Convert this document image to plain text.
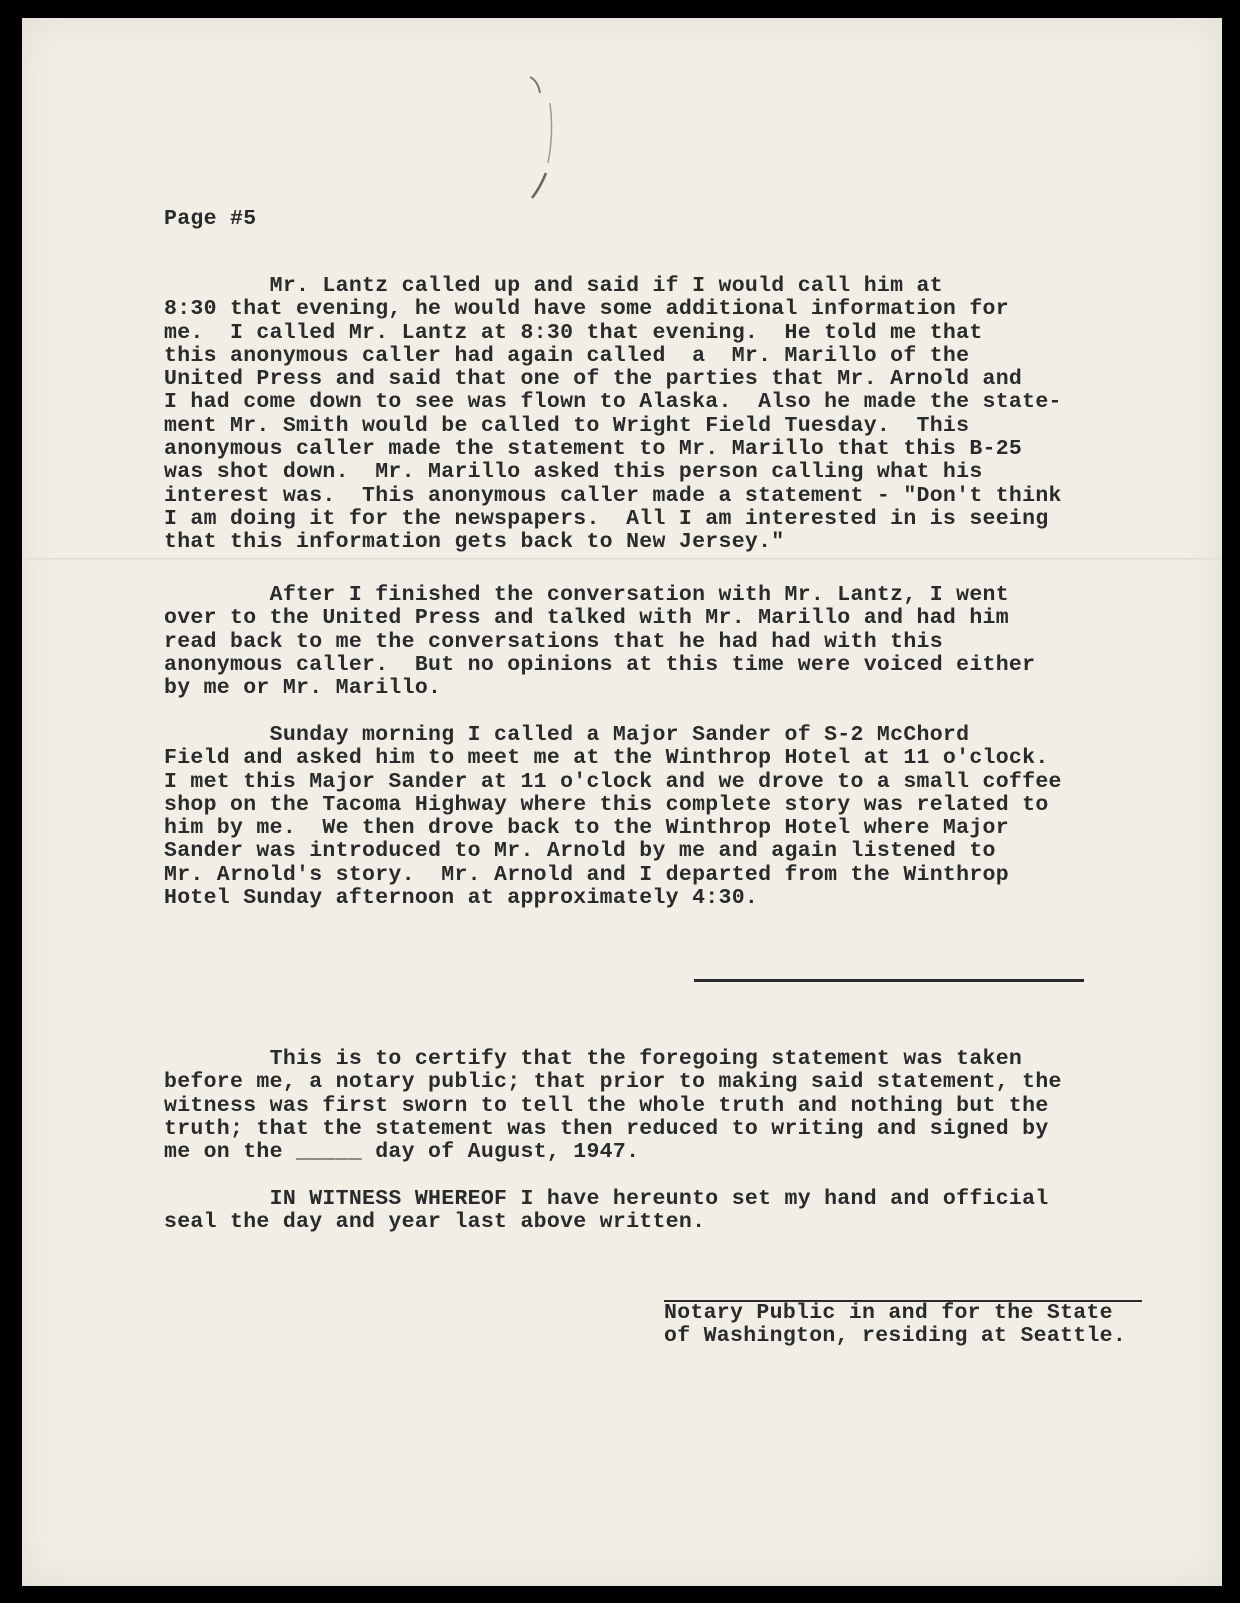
Page #5
Mr. Lantz called up and said if I would call him at
8:30 that evening, he would have some additional information for
me.  I called Mr. Lantz at 8:30 that evening.  He told me that
this anonymous caller had again called  a  Mr. Marillo of the
United Press and said that one of the parties that Mr. Arnold and
I had come down to see was flown to Alaska.  Also he made the state-
ment Mr. Smith would be called to Wright Field Tuesday.  This
anonymous caller made the statement to Mr. Marillo that this B-25
was shot down.  Mr. Marillo asked this person calling what his
interest was.  This anonymous caller made a statement - "Don't think
I am doing it for the newspapers.  All I am interested in is seeing
that this information gets back to New Jersey."
After I finished the conversation with Mr. Lantz, I went
over to the United Press and talked with Mr. Marillo and had him
read back to me the conversations that he had had with this
anonymous caller.  But no opinions at this time were voiced either
by me or Mr. Marillo.
Sunday morning I called a Major Sander of S-2 McChord
Field and asked him to meet me at the Winthrop Hotel at 11 o'clock.
I met this Major Sander at 11 o'clock and we drove to a small coffee
shop on the Tacoma Highway where this complete story was related to
him by me.  We then drove back to the Winthrop Hotel where Major
Sander was introduced to Mr. Arnold by me and again listened to
Mr. Arnold's story.  Mr. Arnold and I departed from the Winthrop
Hotel Sunday afternoon at approximately 4:30.
This is to certify that the foregoing statement was taken
before me, a notary public; that prior to making said statement, the
witness was first sworn to tell the whole truth and nothing but the
truth; that the statement was then reduced to writing and signed by
me on the _____ day of August, 1947.
IN WITNESS WHEREOF I have hereunto set my hand and official
seal the day and year last above written.
Notary Public in and for the State
of Washington, residing at Seattle.
